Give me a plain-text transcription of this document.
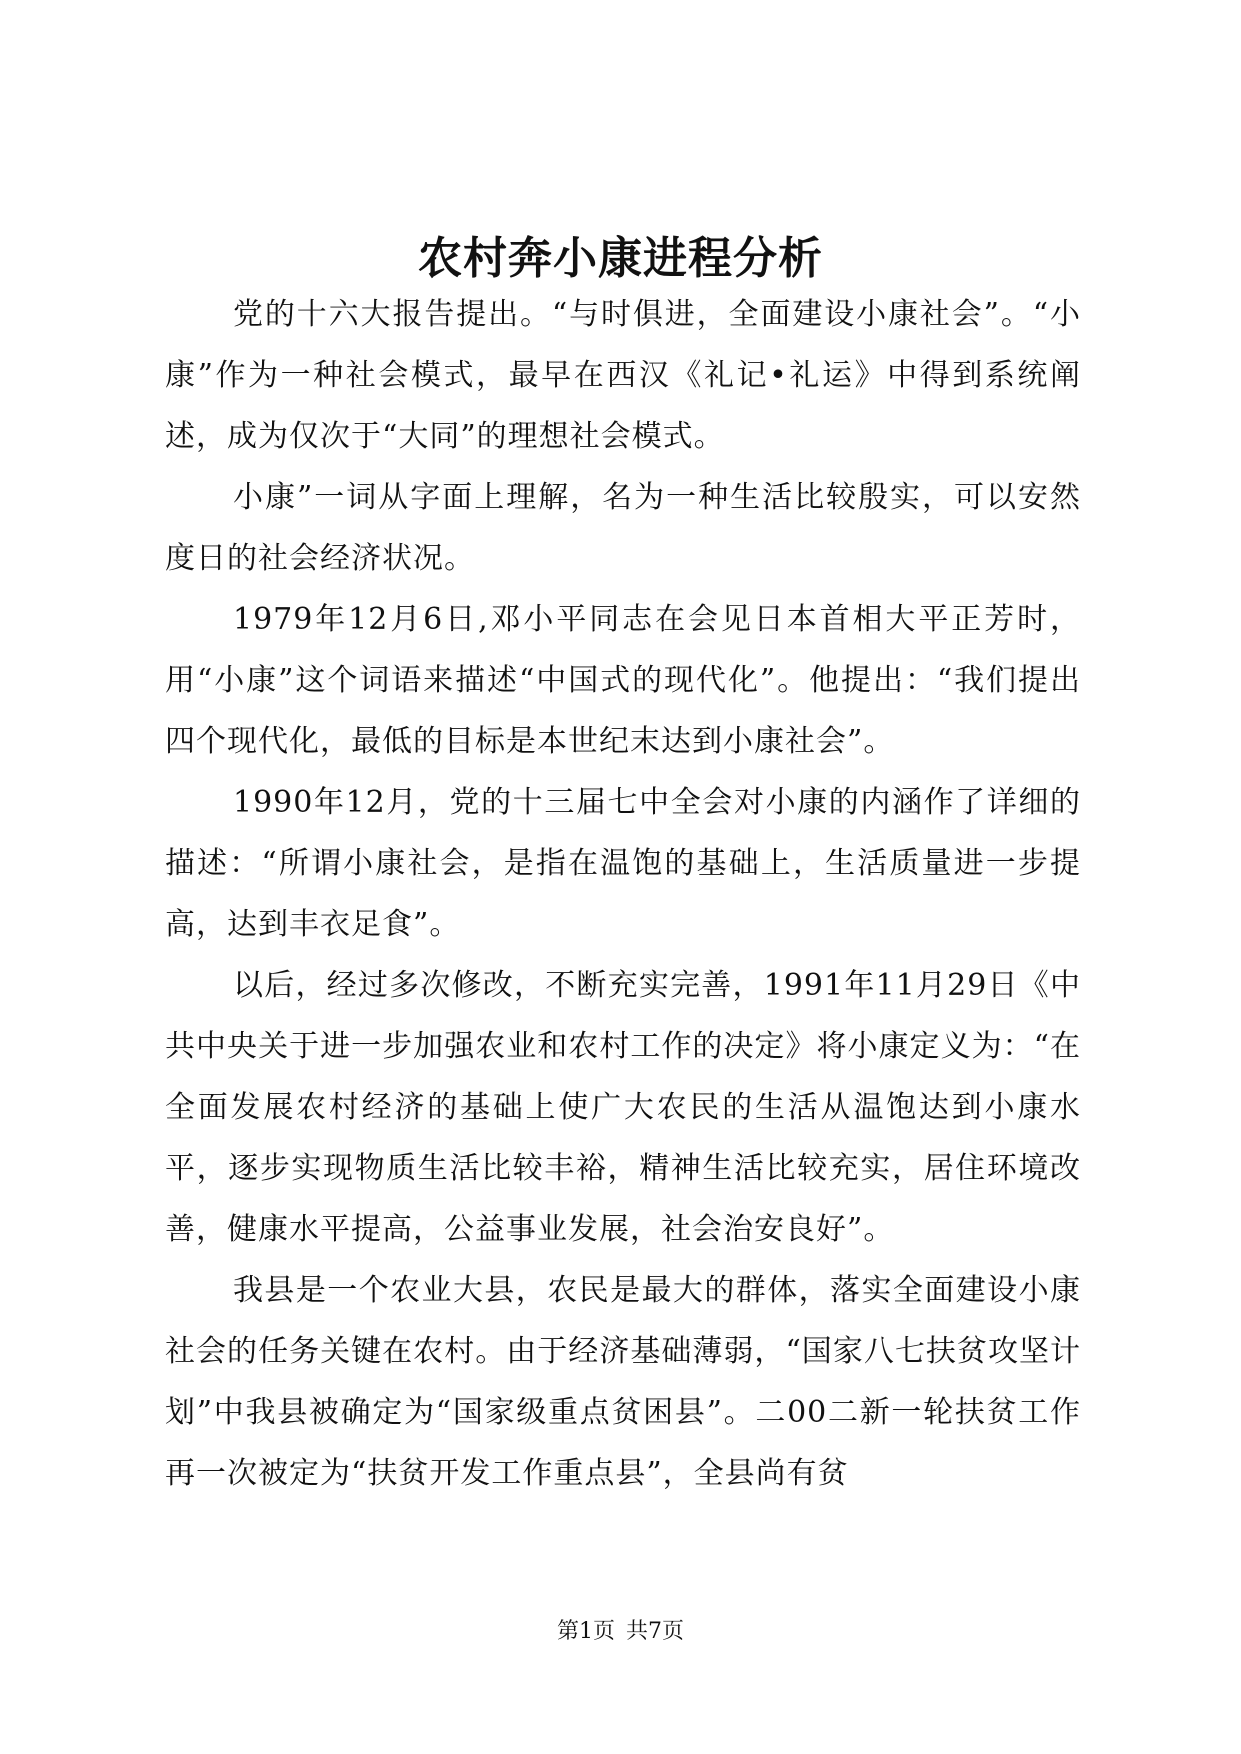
农村奔小康进程分析

党的十六大报告提出。“与时俱进，全面建设小康社会”。“小康”作为一种社会模式，最早在西汉《礼记•礼运》中得到系统阐述，成为仅次于“大同”的理想社会模式。

小康”一词从字面上理解，名为一种生活比较殷实，可以安然度日的社会经济状况。

1979年12月6日,邓小平同志在会见日本首相大平正芳时，用“小康”这个词语来描述“中国式的现代化”。他提出：“我们提出四个现代化，最低的目标是本世纪末达到小康社会”。

1990年12月，党的十三届七中全会对小康的内涵作了详细的描述：“所谓小康社会，是指在温饱的基础上，生活质量进一步提高，达到丰衣足食”。

以后，经过多次修改，不断充实完善，1991年11月29日《中共中央关于进一步加强农业和农村工作的决定》将小康定义为：“在全面发展农村经济的基础上使广大农民的生活从温饱达到小康水平，逐步实现物质生活比较丰裕，精神生活比较充实，居住环境改善，健康水平提高，公益事业发展，社会治安良好”。

我县是一个农业大县，农民是最大的群体，落实全面建设小康社会的任务关键在农村。由于经济基础薄弱，“国家八七扶贫攻坚计划”中我县被确定为“国家级重点贫困县”。二00二新一轮扶贫工作再一次被定为“扶贫开发工作重点县”，全县尚有贫

第1页 共7页
